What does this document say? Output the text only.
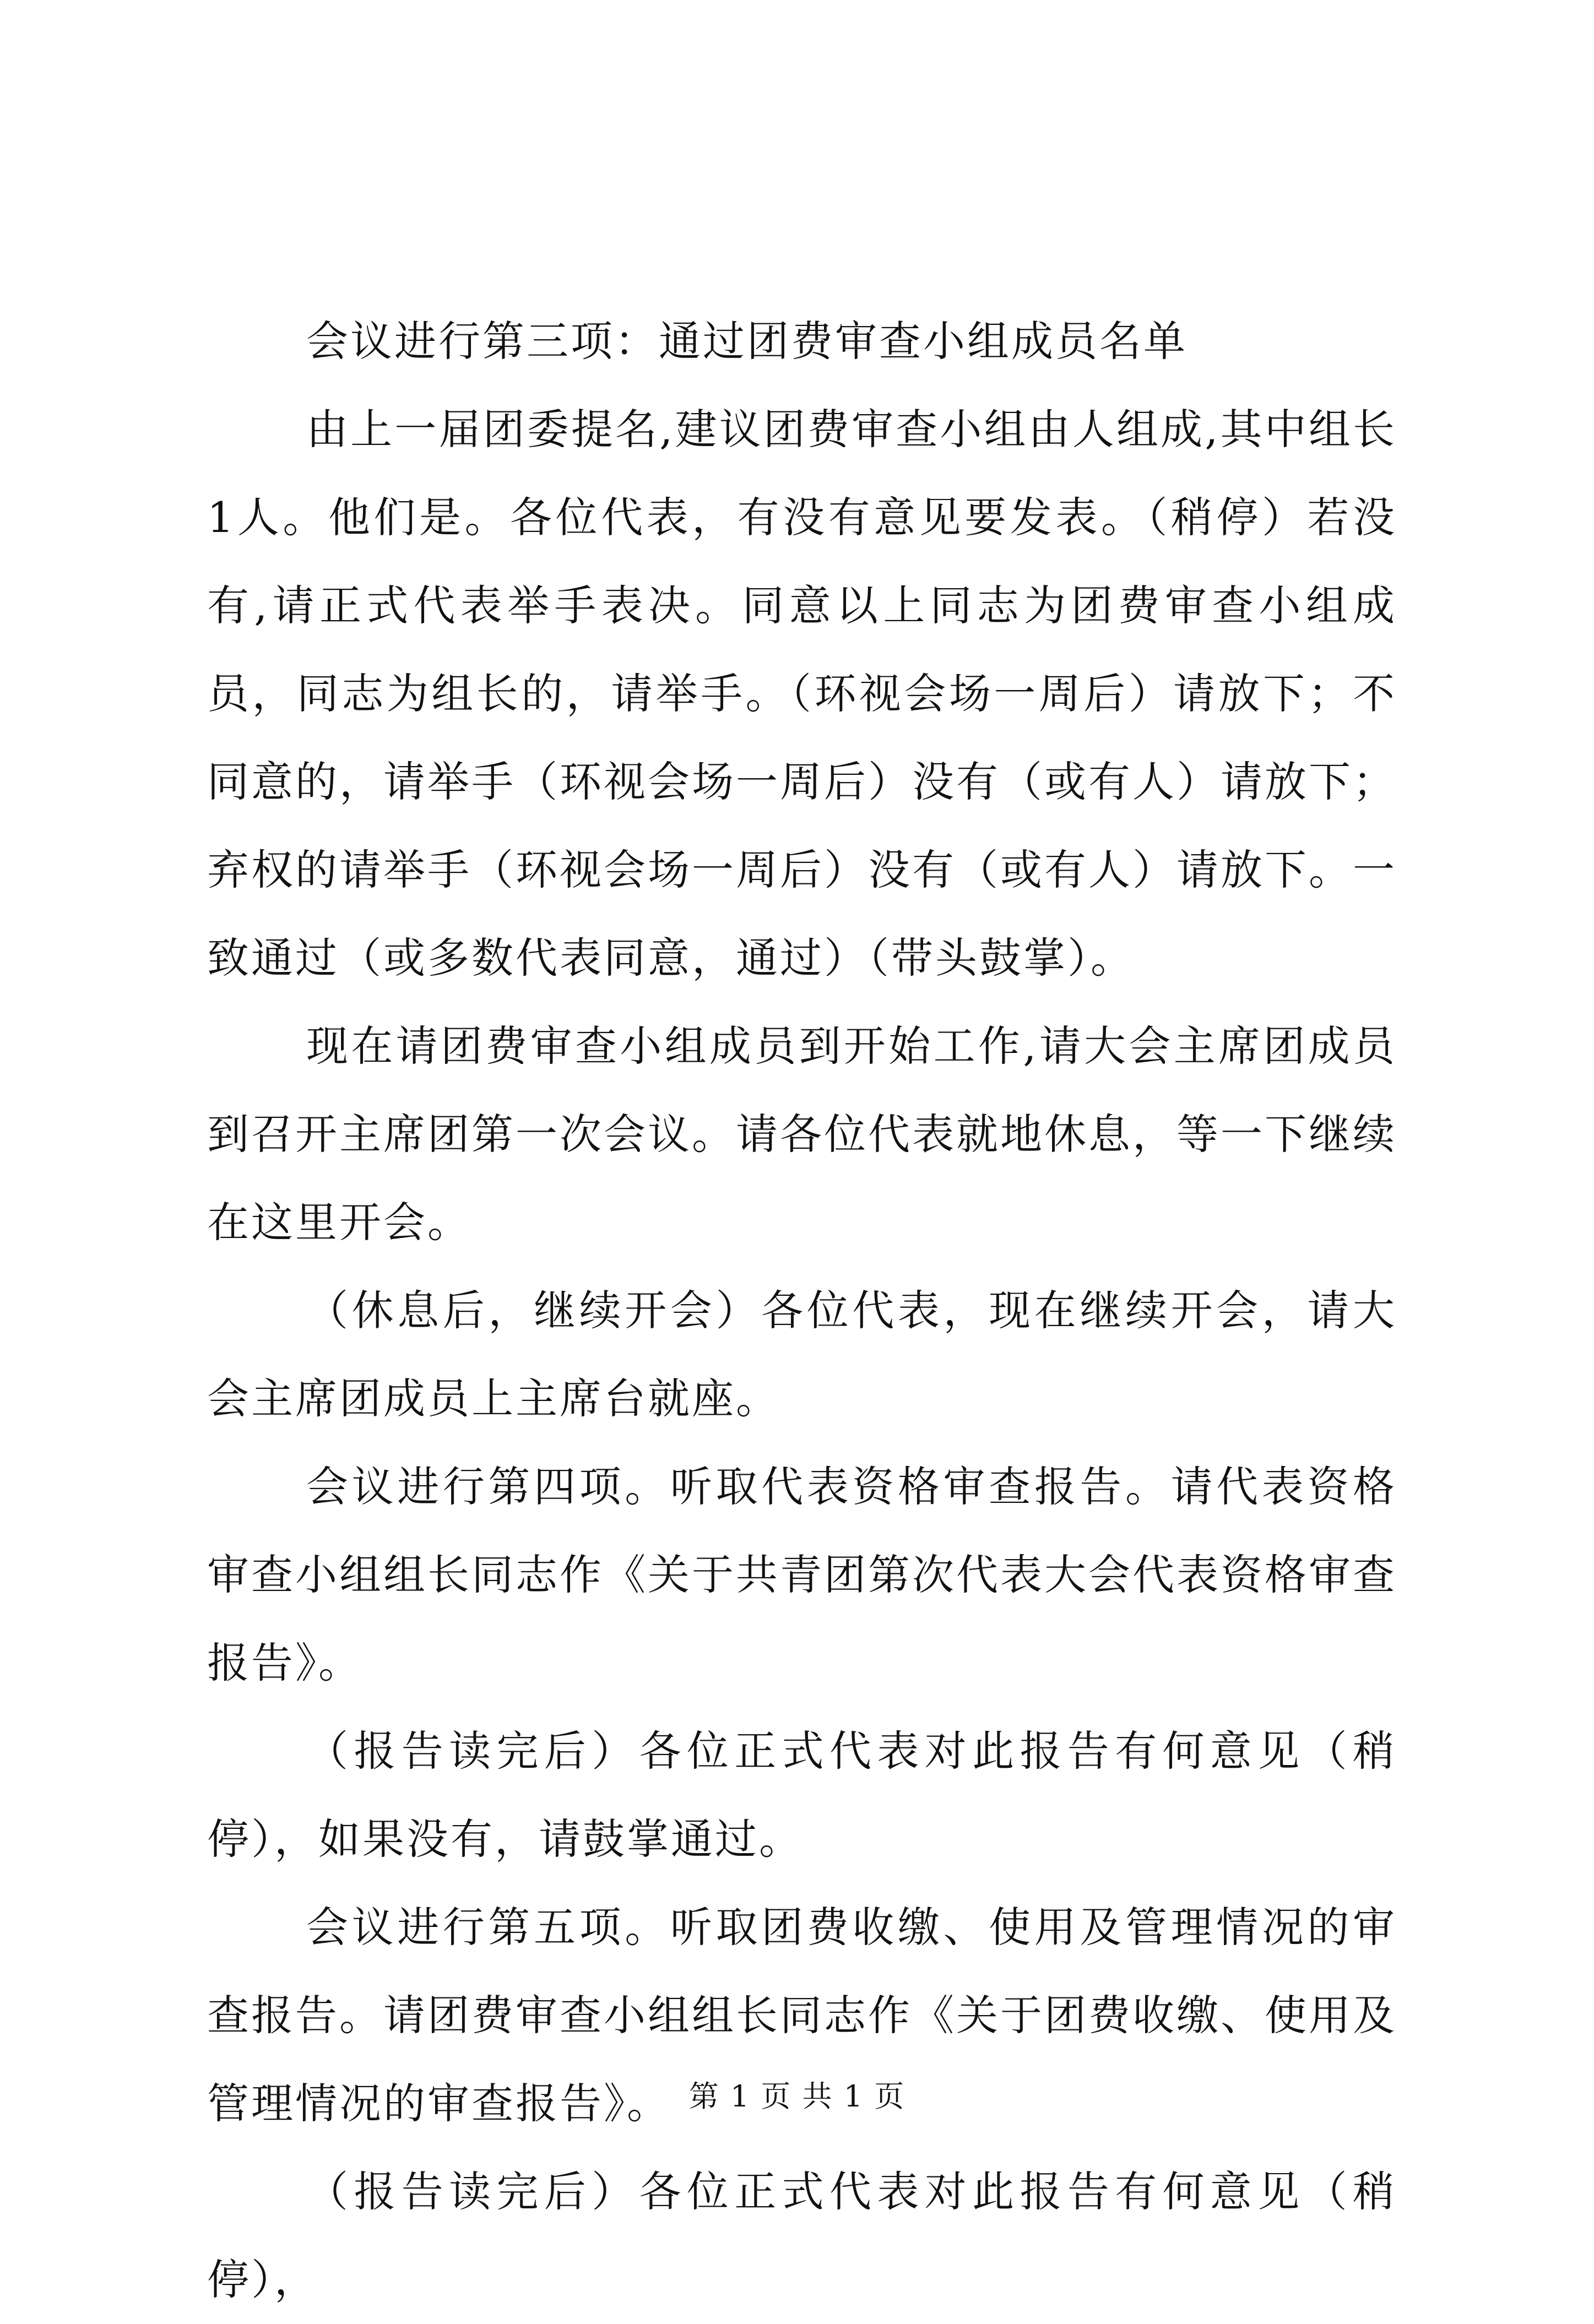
会议进行第三项：通过团费审查小组成员名单

由上一届团委提名,建议团费审查小组由人组成,其中组长1人。他们是。各位代表，有没有意见要发表。（稍停）若没有,请正式代表举手表决。同意以上同志为团费审查小组成员，同志为组长的，请举手。（环视会场一周后）请放下；不同意的，请举手（环视会场一周后）没有（或有人）请放下；弃权的请举手（环视会场一周后）没有（或有人）请放下。一致通过（或多数代表同意，通过）（带头鼓掌）。

现在请团费审查小组成员到开始工作,请大会主席团成员到召开主席团第一次会议。请各位代表就地休息，等一下继续在这里开会。

（休息后，继续开会）各位代表，现在继续开会，请大会主席团成员上主席台就座。

会议进行第四项。听取代表资格审查报告。请代表资格审查小组组长同志作《关于共青团第次代表大会代表资格审查报告》。

（报告读完后）各位正式代表对此报告有何意见（稍停），如果没有，请鼓掌通过。

会议进行第五项。听取团费收缴、使用及管理情况的审查报告。请团费审查小组组长同志作《关于团费收缴、使用及管理情况的审查报告》。

（报告读完后）各位正式代表对此报告有何意见（稍停），

第 1 页 共 1 页
